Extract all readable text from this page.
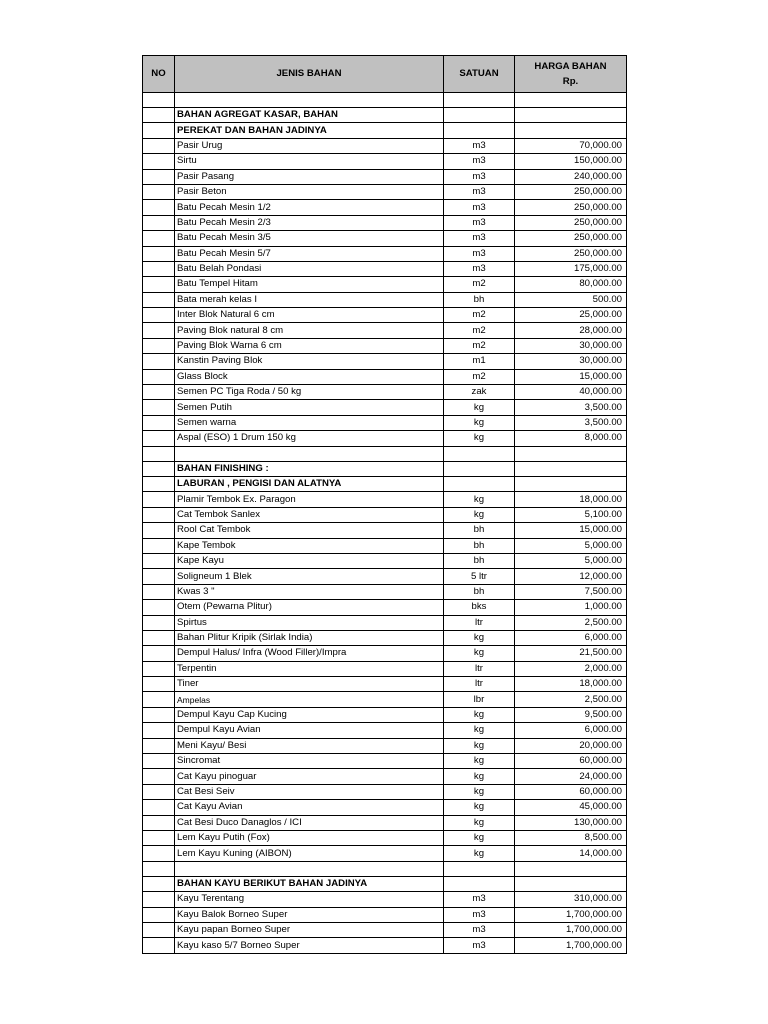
NO	JENIS BAHAN	SATUAN	HARGA BAHAN
Rp.

	BAHAN AGREGAT KASAR, BAHAN		
	PEREKAT DAN BAHAN JADINYA		
	Pasir Urug	m3	70,000.00
	Sirtu	m3	150,000.00
	Pasir Pasang	m3	240,000.00
	Pasir Beton	m3	250,000.00
	Batu Pecah Mesin 1/2	m3	250,000.00
	Batu Pecah Mesin 2/3	m3	250,000.00
	Batu Pecah Mesin 3/5	m3	250,000.00
	Batu Pecah Mesin 5/7	m3	250,000.00
	Batu Belah Pondasi	m3	175,000.00
	Batu Tempel Hitam	m2	80,000.00
	Bata merah kelas I	bh	500.00
	Inter Blok Natural 6 cm	m2	25,000.00
	Paving Blok natural 8 cm	m2	28,000.00
	Paving Blok Warna 6 cm	m2	30,000.00
	Kanstin Paving Blok	m1	30,000.00
	Glass Block	m2	15,000.00
	Semen PC Tiga Roda / 50 kg	zak	40,000.00
	Semen Putih	kg	3,500.00
	Semen warna	kg	3,500.00
	Aspal (ESO) 1 Drum 150 kg	kg	8,000.00

	BAHAN FINISHING :		
	LABURAN , PENGISI DAN ALATNYA		
	Plamir Tembok Ex. Paragon	kg	18,000.00
	Cat Tembok Sanlex	kg	5,100.00
	Rool Cat Tembok	bh	15,000.00
	Kape Tembok	bh	5,000.00
	Kape Kayu	bh	5,000.00
	Soligneum 1 Blek	5 ltr	12,000.00
	Kwas 3 "	bh	7,500.00
	Otem (Pewarna Plitur)	bks	1,000.00
	Spirtus	ltr	2,500.00
	Bahan Plitur Kripik (Sirlak India)	kg	6,000.00
	Dempul Halus/ Infra (Wood Filler)/Impra	kg	21,500.00
	Terpentin	ltr	2,000.00
	Tiner	ltr	18,000.00
	Ampelas	lbr	2,500.00
	Dempul Kayu Cap Kucing	kg	9,500.00
	Dempul Kayu Avian	kg	6,000.00
	Meni Kayu/ Besi	kg	20,000.00
	Sincromat	kg	60,000.00
	Cat Kayu pinoguar	kg	24,000.00
	Cat Besi Seiv	kg	60,000.00
	Cat Kayu Avian	kg	45,000.00
	Cat Besi Duco Danaglos / ICI	kg	130,000.00
	Lem Kayu Putih (Fox)	kg	8,500.00
	Lem Kayu Kuning (AIBON)	kg	14,000.00

	BAHAN KAYU BERIKUT BAHAN JADINYA		
	Kayu Terentang	m3	310,000.00
	Kayu Balok Borneo Super	m3	1,700,000.00
	Kayu papan Borneo Super	m3	1,700,000.00
	Kayu kaso 5/7 Borneo Super	m3	1,700,000.00
